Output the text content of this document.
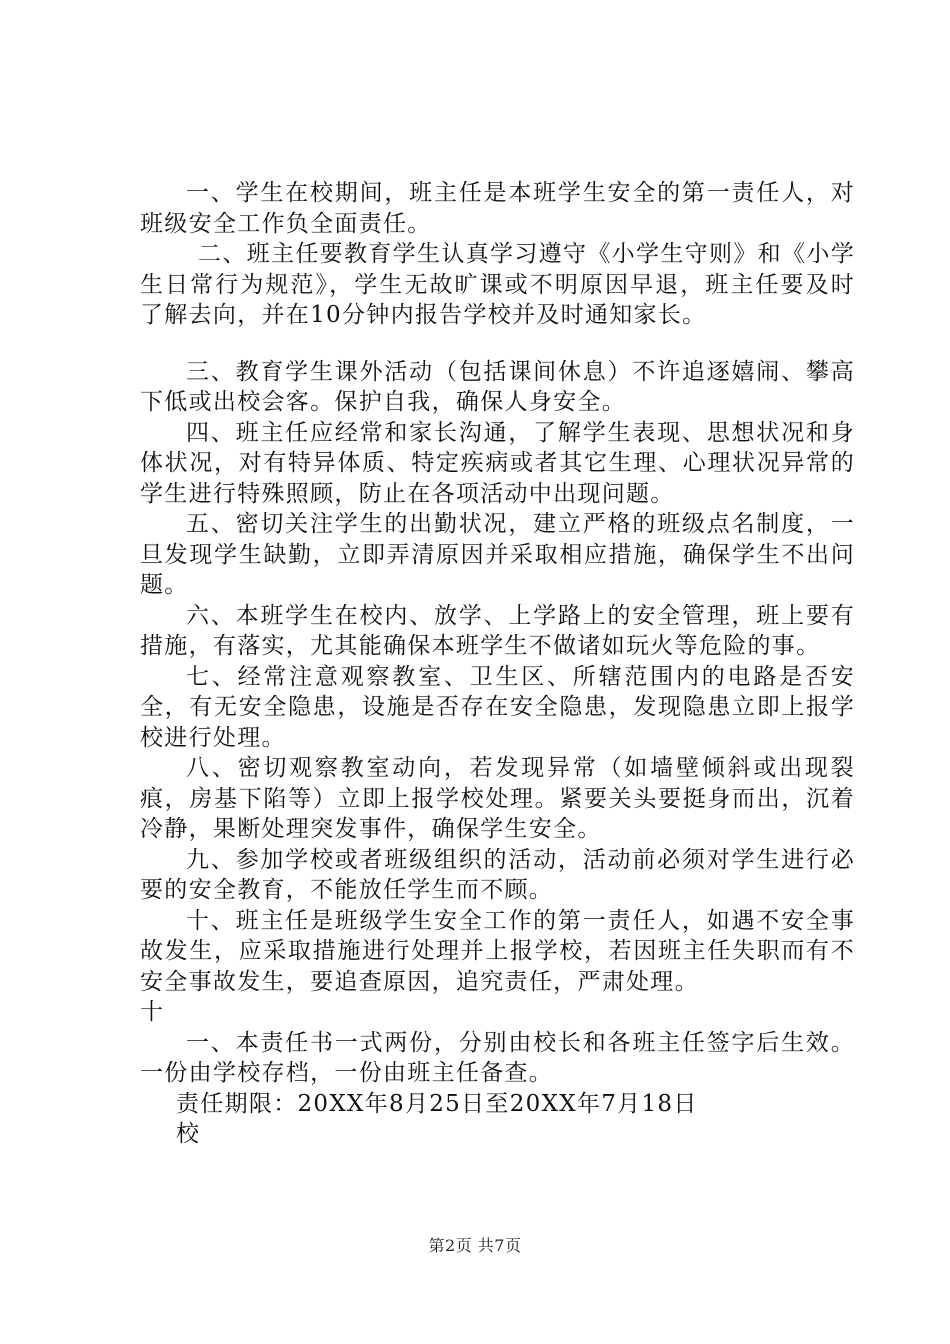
一、学生在校期间，班主任是本班学生安全的第一责任人，对班级安全工作负全面责任。

二、班主任要教育学生认真学习遵守《小学生守则》和《小学生日常行为规范》，学生无故旷课或不明原因早退，班主任要及时了解去向，并在10分钟内报告学校并及时通知家长。

三、教育学生课外活动（包括课间休息）不许追逐嬉闹、攀高下低或出校会客。保护自我，确保人身安全。

四、班主任应经常和家长沟通，了解学生表现、思想状况和身体状况，对有特异体质、特定疾病或者其它生理、心理状况异常的学生进行特殊照顾，防止在各项活动中出现问题。

五、密切关注学生的出勤状况，建立严格的班级点名制度，一旦发现学生缺勤，立即弄清原因并采取相应措施，确保学生不出问题。

六、本班学生在校内、放学、上学路上的安全管理，班上要有措施，有落实，尤其能确保本班学生不做诸如玩火等危险的事。

七、经常注意观察教室、卫生区、所辖范围内的电路是否安全，有无安全隐患，设施是否存在安全隐患，发现隐患立即上报学校进行处理。

八、密切观察教室动向，若发现异常（如墙壁倾斜或出现裂痕，房基下陷等）立即上报学校处理。紧要关头要挺身而出，沉着冷静，果断处理突发事件，确保学生安全。

九、参加学校或者班级组织的活动，活动前必须对学生进行必要的安全教育，不能放任学生而不顾。

十、班主任是班级学生安全工作的第一责任人，如遇不安全事故发生，应采取措施进行处理并上报学校，若因班主任失职而有不安全事故发生，要追查原因，追究责任，严肃处理。

十

一、本责任书一式两份，分别由校长和各班主任签字后生效。一份由学校存档，一份由班主任备查。

责任期限：20XX年8月25日至20XX年7月18日

校

第2页 共7页
